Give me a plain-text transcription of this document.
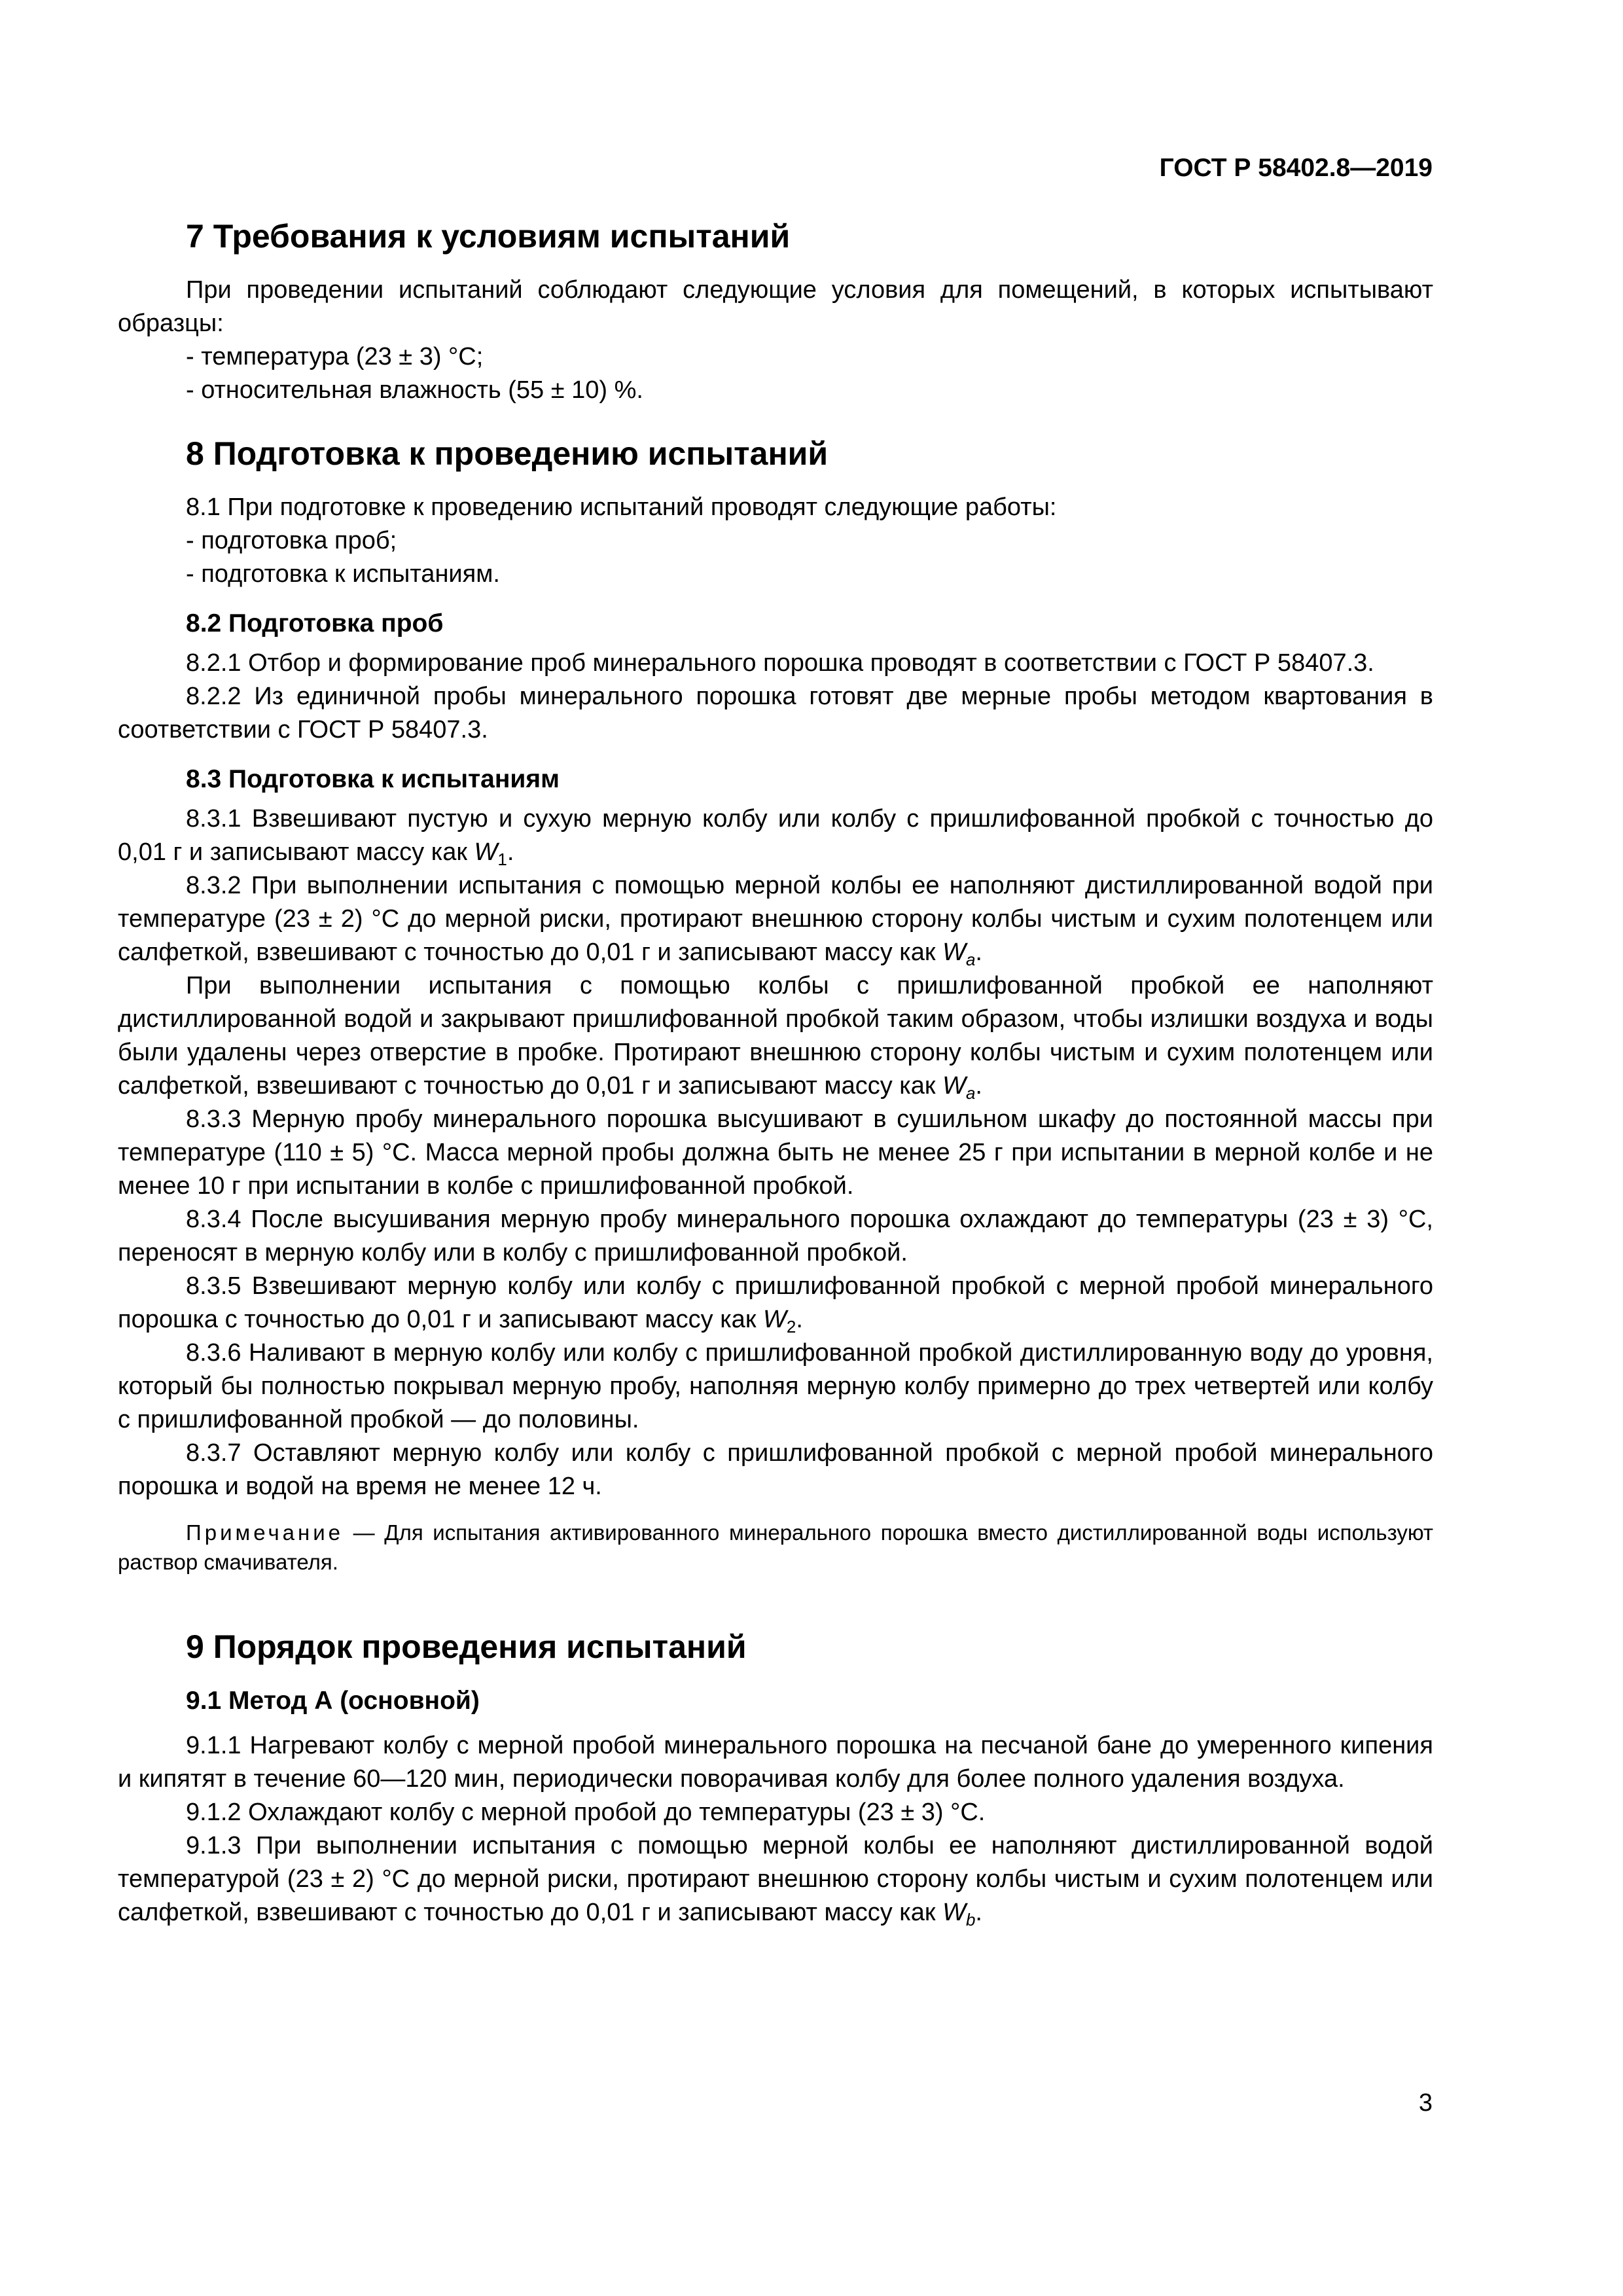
ГОСТ Р 58402.8—2019
7 Требования к условиям испытаний

При проведении испытаний соблюдают следующие условия для помещений, в которых испытывают образцы:

- температура (23 ± 3) °C;

- относительная влажность (55 ± 10) %.

8 Подготовка к проведению испытаний

8.1 При подготовке к проведению испытаний проводят следующие работы:

- подготовка проб;

- подготовка к испытаниям.

8.2 Подготовка проб

8.2.1 Отбор и формирование проб минерального порошка проводят в соответствии с ГОСТ Р 58407.3.

8.2.2 Из единичной пробы минерального порошка готовят две мерные пробы методом квартования в соответствии с ГОСТ Р 58407.3.

8.3 Подготовка к испытаниям

8.3.1 Взвешивают пустую и сухую мерную колбу или колбу с пришлифованной пробкой с точностью до 0,01 г и записывают массу как $W_1$.

8.3.2 При выполнении испытания с помощью мерной колбы ее наполняют дистиллированной водой при температуре (23 ± 2) °C до мерной риски, протирают внешнюю сторону колбы чистым и сухим полотенцем или салфеткой, взвешивают с точностью до 0,01 г и записывают массу как $W_a$.

При выполнении испытания с помощью колбы с пришлифованной пробкой ее наполняют дистиллированной водой и закрывают пришлифованной пробкой таким образом, чтобы излишки воздуха и воды были удалены через отверстие в пробке. Протирают внешнюю сторону колбы чистым и сухим полотенцем или салфеткой, взвешивают с точностью до 0,01 г и записывают массу как $W_a$.

8.3.3 Мерную пробу минерального порошка высушивают в сушильном шкафу до постоянной массы при температуре (110 ± 5) °C. Масса мерной пробы должна быть не менее 25 г при испытании в мерной колбе и не менее 10 г при испытании в колбе с пришлифованной пробкой.

8.3.4 После высушивания мерную пробу минерального порошка охлаждают до температуры (23 ± 3) °C, переносят в мерную колбу или в колбу с пришлифованной пробкой.

8.3.5 Взвешивают мерную колбу или колбу с пришлифованной пробкой с мерной пробой минерального порошка с точностью до 0,01 г и записывают массу как $W_2$.

8.3.6 Наливают в мерную колбу или колбу с пришлифованной пробкой дистиллированную воду до уровня, который бы полностью покрывал мерную пробу, наполняя мерную колбу примерно до трех четвертей или колбу с пришлифованной пробкой — до половины.

8.3.7 Оставляют мерную колбу или колбу с пришлифованной пробкой с мерной пробой минерального порошка и водой на время не менее 12 ч.

Примечание — Для испытания активированного минерального порошка вместо дистиллированной воды используют раствор смачивателя.

9 Порядок проведения испытаний
9.1 Метод А (основной)

9.1.1 Нагревают колбу с мерной пробой минерального порошка на песчаной бане до умеренного кипения и кипятят в течение 60—120 мин, периодически поворачивая колбу для более полного удаления воздуха.

9.1.2 Охлаждают колбу с мерной пробой до температуры (23 ± 3) °C.

9.1.3 При выполнении испытания с помощью мерной колбы ее наполняют дистиллированной водой температурой (23 ± 2) °C до мерной риски, протирают внешнюю сторону колбы чистым и сухим полотенцем или салфеткой, взвешивают с точностью до 0,01 г и записывают массу как $W_b$.

3
